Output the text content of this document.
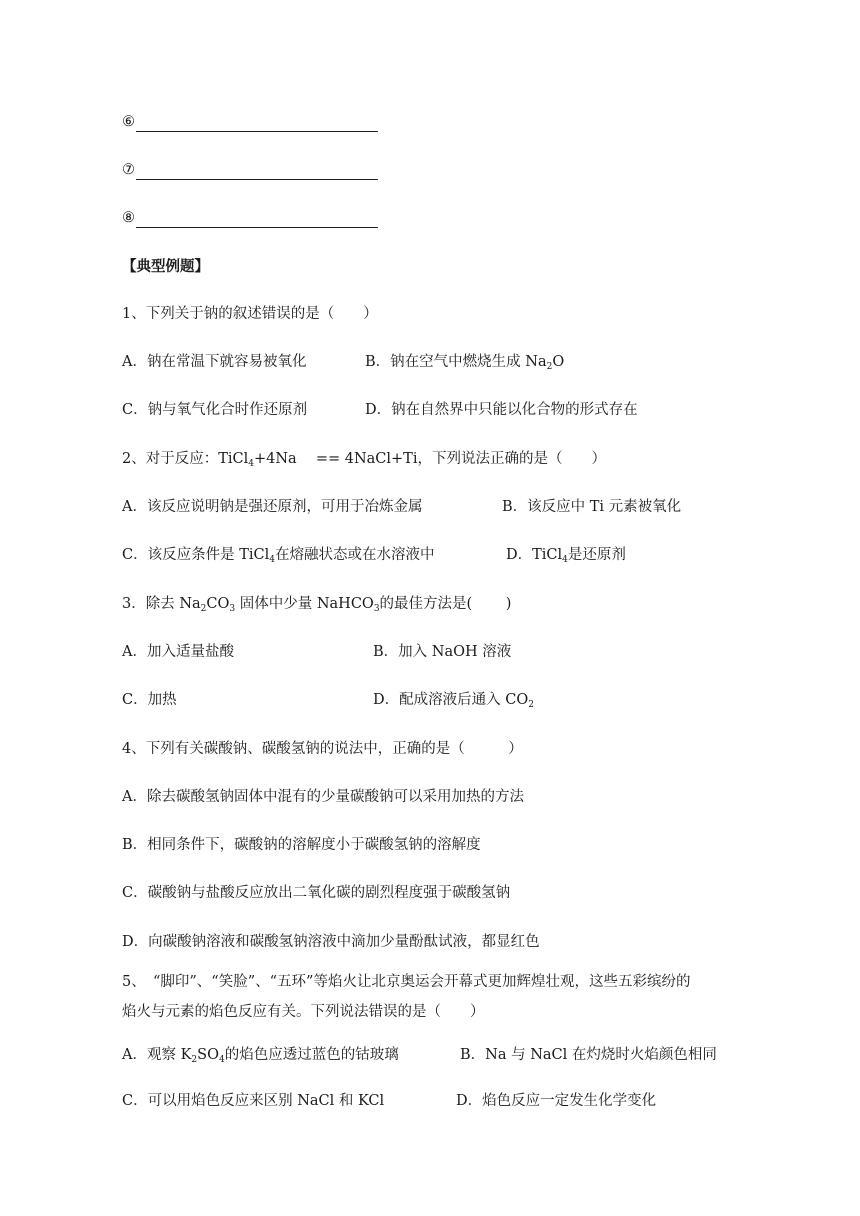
⑥
⑦
⑧
【典型例题】
1、下列关于钠的叙述错误的是（　　）
A．钠在常温下就容易被氧化	B．钠在空气中燃烧生成 $Na_2O$
C．钠与氧气化合时作还原剂	D．钠在自然界中只能以化合物的形式存在
2、对于反应：TiCl$_4$+4Na　 == 4NaCl+Ti，下列说法正确的是（　　）
A．该反应说明钠是强还原剂，可用于冶炼金属	B．该反应中 Ti 元素被氧化
C．该反应条件是 TiCl$_4$在熔融状态或在水溶液中	D．TiCl$_4$是还原剂
3．除去 $Na_2CO_3$ 固体中少量 NaHCO$_3$的最佳方法是(　　 )
A．加入适量盐酸	B．加入 NaOH 溶液
C．加热	D．配成溶液后通入 $CO_2$
4、下列有关碳酸钠、碳酸氢钠的说法中，正确的是（　　　）
A．除去碳酸氢钠固体中混有的少量碳酸钠可以采用加热的方法
B．相同条件下，碳酸钠的溶解度小于碳酸氢钠的溶解度
C．碳酸钠与盐酸反应放出二氧化碳的剧烈程度强于碳酸氢钠
D．向碳酸钠溶液和碳酸氢钠溶液中滴加少量酚酞试液，都显红色
5、　“脚印”、“笑脸”、“五环”等焰火让北京奥运会开幕式更加辉煌壮观，这些五彩缤纷的
焰火与元素的焰色反应有关。下列说法错误的是（　　）
A．观察 $K_2SO_4$的焰色应透过蓝色的钴玻璃	B．Na 与 NaCl 在灼烧时火焰颜色相同
C．可以用焰色反应来区别 NaCl 和 KCl	D．焰色反应一定发生化学变化
